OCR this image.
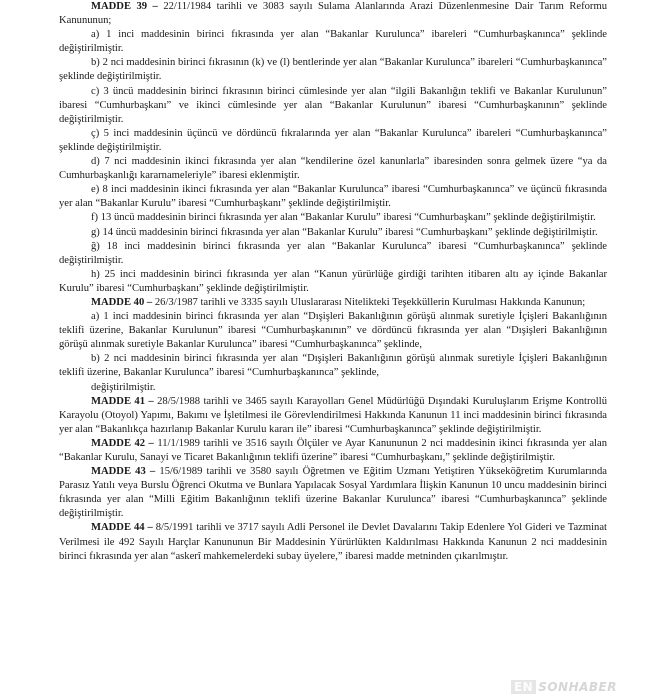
MADDE 39 – 22/11/1984 tarihli ve 3083 sayılı Sulama Alanlarında Arazi Düzenlenmesine Dair Tarım Reformu Kanununun;

a) 1 inci maddesinin birinci fıkrasında yer alan “Bakanlar Kurulunca” ibareleri “Cumhurbaşkanınca” şeklinde değiştirilmiştir.

b) 2 nci maddesinin birinci fıkrasının (k) ve (l) bentlerinde yer alan “Bakanlar Kurulunca” ibareleri “Cumhurbaşkanınca” şeklinde değiştirilmiştir.

c) 3 üncü maddesinin birinci fıkrasının birinci cümlesinde yer alan “ilgili Bakanlığın teklifi ve Bakanlar Kurulunun” ibaresi “Cumhurbaşkanı” ve ikinci cümlesinde yer alan “Bakanlar Kurulunun” ibaresi “Cumhurbaşkanının” şeklinde değiştirilmiştir.

ç) 5 inci maddesinin üçüncü ve dördüncü fıkralarında yer alan “Bakanlar Kurulunca” ibareleri “Cumhurbaşkanınca” şeklinde değiştirilmiştir.

d) 7 nci maddesinin ikinci fıkrasında yer alan “kendilerine özel kanunlarla” ibaresinden sonra gelmek üzere “ya da Cumhurbaşkanlığı kararnameleriyle” ibaresi eklenmiştir.

e) 8 inci maddesinin ikinci fıkrasında yer alan “Bakanlar Kurulunca” ibaresi “Cumhurbaşkanınca” ve üçüncü fıkrasında yer alan “Bakanlar Kurulu” ibaresi “Cumhurbaşkanı” şeklinde değiştirilmiştir.

f) 13 üncü maddesinin birinci fıkrasında yer alan “Bakanlar Kurulu” ibaresi “Cumhurbaşkanı” şeklinde değiştirilmiştir.

g) 14 üncü maddesinin birinci fıkrasında yer alan “Bakanlar Kurulu” ibaresi “Cumhurbaşkanı” şeklinde değiştirilmiştir.

ğ) 18 inci maddesinin birinci fıkrasında yer alan “Bakanlar Kurulunca” ibaresi “Cumhurbaşkanınca” şeklinde değiştirilmiştir.

h) 25 inci maddesinin birinci fıkrasında yer alan “Kanun yürürlüğe girdiği tarihten itibaren altı ay içinde Bakanlar Kurulu” ibaresi “Cumhurbaşkanı” şeklinde değiştirilmiştir.

MADDE 40 – 26/3/1987 tarihli ve 3335 sayılı Uluslararası Nitelikteki Teşekküllerin Kurulması Hakkında Kanunun;

a) 1 inci maddesinin birinci fıkrasında yer alan “Dışişleri Bakanlığının görüşü alınmak suretiyle İçişleri Bakanlığının teklifi üzerine, Bakanlar Kurulunun” ibaresi “Cumhurbaşkanının” ve dördüncü fıkrasında yer alan “Dışişleri Bakanlığının görüşü alınmak suretiyle Bakanlar Kurulunca” ibaresi “Cumhurbaşkanınca” şeklinde,

b) 2 nci maddesinin birinci fıkrasında yer alan “Dışişleri Bakanlığının görüşü alınmak suretiyle İçişleri Bakanlığının teklifi üzerine, Bakanlar Kurulunca” ibaresi “Cumhurbaşkanınca” şeklinde,

değiştirilmiştir.

MADDE 41 – 28/5/1988 tarihli ve 3465 sayılı Karayolları Genel Müdürlüğü Dışındaki Kuruluşlarım Erişme Kontrollü Karayolu (Otoyol) Yapımı, Bakımı ve İşletilmesi ile Görevlendirilmesi Hakkında Kanunun 11 inci maddesinin birinci fıkrasında yer alan “Bakanlıkça hazırlanıp Bakanlar Kurulu kararı ile” ibaresi “Cumhurbaşkanınca” şeklinde değiştirilmiştir.

MADDE 42 – 11/1/1989 tarihli ve 3516 sayılı Ölçüler ve Ayar Kanununun 2 nci maddesinin ikinci fıkrasında yer alan “Bakanlar Kurulu, Sanayi ve Ticaret Bakanlığının teklifi üzerine” ibaresi “Cumhurbaşkanı,” şeklinde değiştirilmiştir.

MADDE 43 – 15/6/1989 tarihli ve 3580 sayılı Öğretmen ve Eğitim Uzmanı Yetiştiren Yükseköğretim Kurumlarında Parasız Yatılı veya Burslu Öğrenci Okutma ve Bunlara Yapılacak Sosyal Yardımlara İlişkin Kanunun 10 uncu maddesinin birinci fıkrasında yer alan “Milli Eğitim Bakanlığının teklifi üzerine Bakanlar Kurulunca” ibaresi “Cumhurbaşkanınca” şeklinde değiştirilmiştir.

MADDE 44 – 8/5/1991 tarihli ve 3717 sayılı Adli Personel ile Devlet Davalarını Takip Edenlere Yol Gideri ve Tazminat Verilmesi ile 492 Sayılı Harçlar Kanununun Bir Maddesinin Yürürlükten Kaldırılması Hakkında Kanunun 2 nci maddesinin birinci fıkrasında yer alan “askerî mahkemelerdeki subay üyelere,” ibaresi madde metninden çıkarılmıştır.

EN SONHABER
